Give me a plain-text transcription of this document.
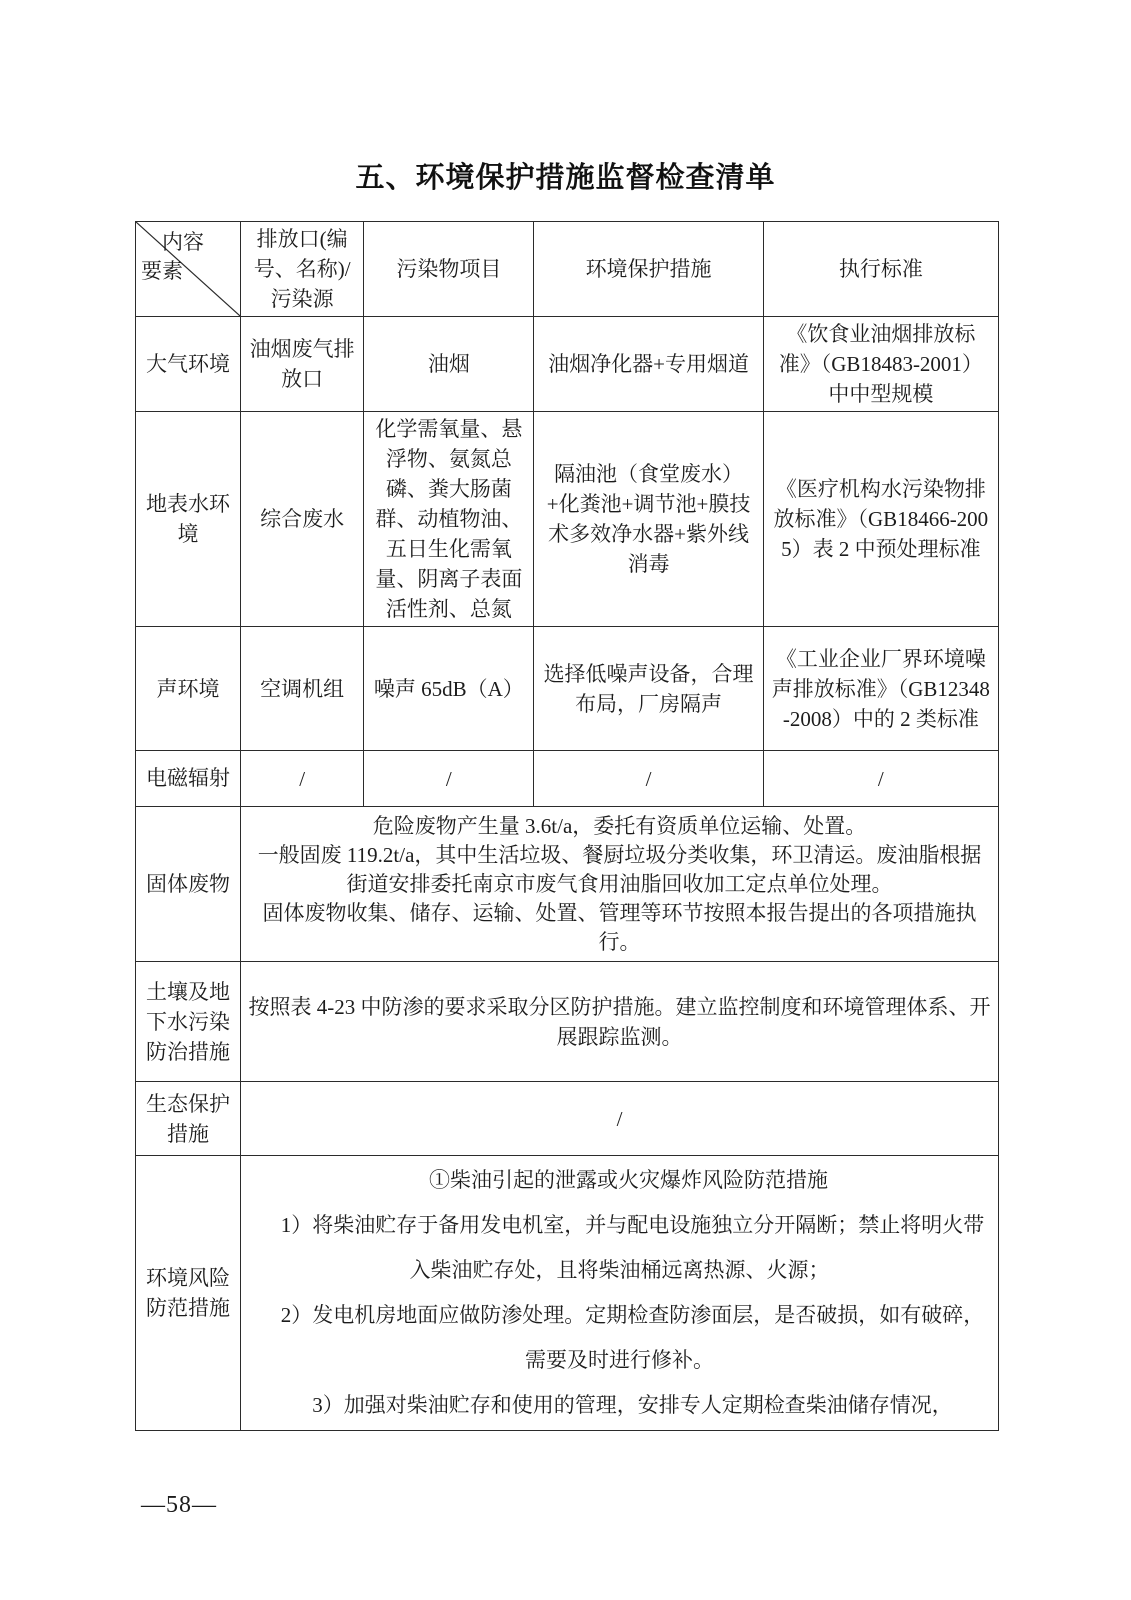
五、环境保护措施监督检查清单
内容
要素	排放口(编号、名称)/污染源	污染物项目	环境保护措施	执行标准
大气环境	油烟废气排放口	油烟	油烟净化器+专用烟道	《饮食业油烟排放标准》（GB18483-2001）中中型规模
地表水环境	综合废水	化学需氧量、悬浮物、氨氮总磷、粪大肠菌群、动植物油、五日生化需氧量、阴离子表面活性剂、总氮	隔油池（食堂废水）+化粪池+调节池+膜技术多效净水器+紫外线消毒	《医疗机构水污染物排放标准》（GB18466-2005）表 2 中预处理标准
声环境	空调机组	噪声 65dB（A）	选择低噪声设备，合理布局，厂房隔声	《工业企业厂界环境噪声排放标准》（GB12348-2008）中的 2 类标准
电磁辐射	/	/	/	/
固体废物	危险废物产生量 3.6t/a，委托有资质单位运输、处置。

一般固废 119.2t/a，其中生活垃圾、餐厨垃圾分类收集，环卫清运。废油脂根据街道安排委托南京市废气食用油脂回收加工定点单位处理。

固体废物收集、储存、运输、处置、管理等环节按照本报告提出的各项措施执行。			

土壤及地下水污染防治措施	按照表 4-23 中防渗的要求采取分区防护措施。建立监控制度和环境管理体系、开展跟踪监测。			
生态保护措施	/			
环境风险防范措施	①柴油引起的泄露或火灾爆炸风险防范措施

1）将柴油贮存于备用发电机室，并与配电设施独立分开隔断；禁止将明火带入柴油贮存处，且将柴油桶远离热源、火源；

2）发电机房地面应做防渗处理。定期检查防渗面层，是否破损，如有破碎，需要及时进行修补。

3）加强对柴油贮存和使用的管理，安排专人定期检查柴油储存情况，			

—58—
